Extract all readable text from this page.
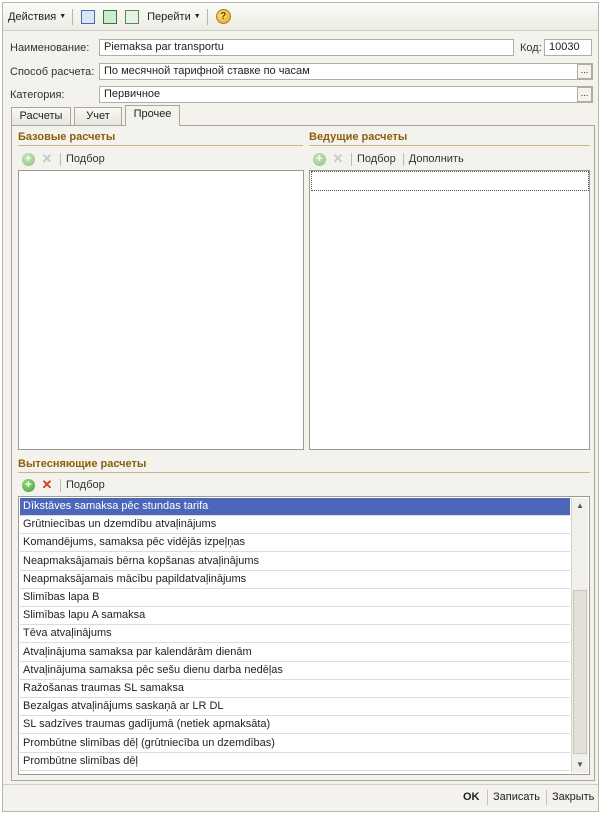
Действия ▼	Перейти ▼	?
Наименование:	Piemaksa par transportu	Код: 10030
Способ расчета: По месячной тарифной ставке по часам	...
Категория:	Первичное	...
Расчеты	Учет	Прочее
Базовые расчеты
+ ✕ Подбор
Ведущие расчеты
+ ✕ Подбор Дополнить
Вытесняющие расчеты
+ ✕ Подбор
Dīkstāves samaksa pēc stundas tarifa
Grūtniecības un dzemdību atvaļinājums
Komandējums, samaksa pēc vidējās izpeļņas
Neapmaksājamais bērna kopšanas atvaļinājums
Neapmaksājamais mācību papildatvaļinājums
Slimības lapa B
Slimības lapu A samaksa
Tēva atvaļinājums
Atvaļinājuma samaksa par kalendārām dienām
Atvaļinājuma samaksa pēc sešu dienu darba nedēļas
Ražošanas traumas SL samaksa
Bezalgas atvaļinājums saskaņā ar LR DL
SL sadzīves traumas gadījumā (netiek apmaksāta)
Prombūtne slimības dēļ (grūtniecība un dzemdības)
Prombūtne slimības dēļ
▲
▼
OK Записать Закрыть
